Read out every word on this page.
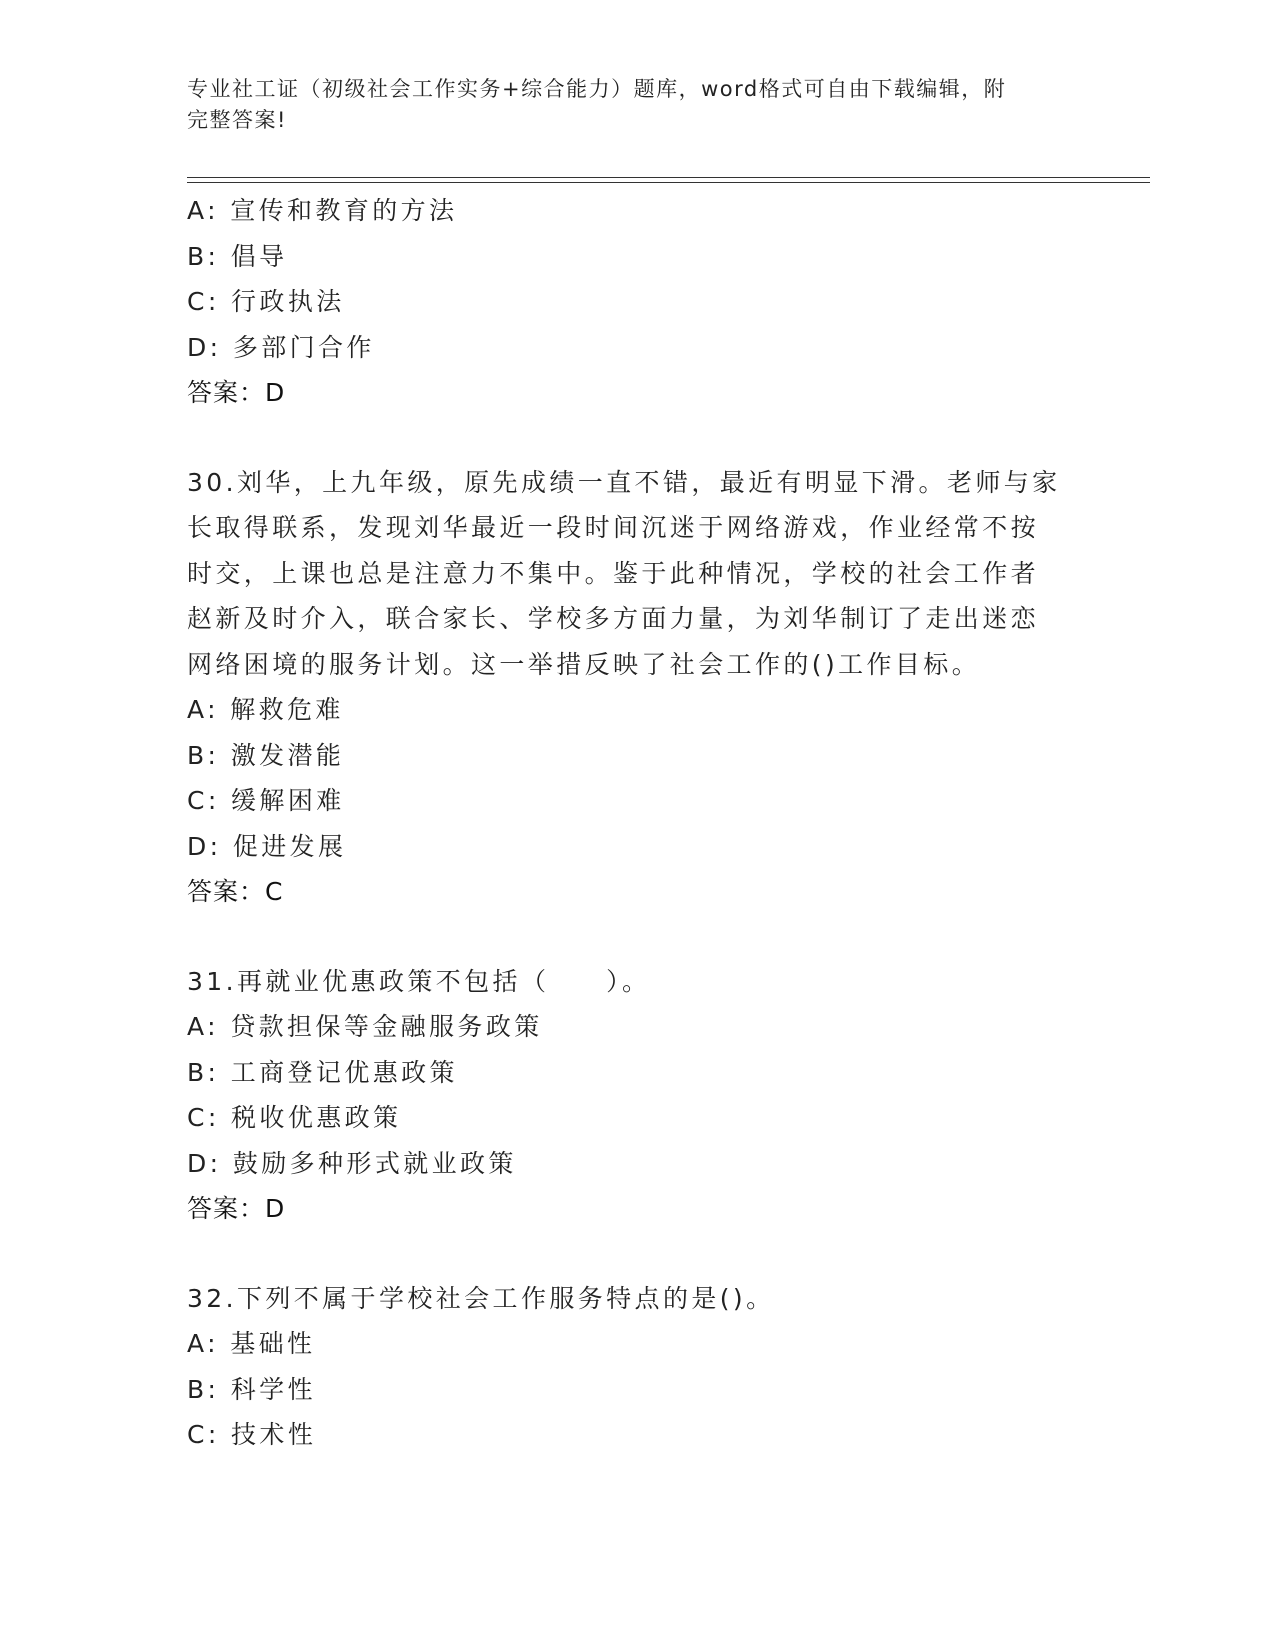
专业社工证（初级社会工作实务+综合能力）题库，word格式可自由下载编辑，附
完整答案!
A: 宣传和教育的方法
B: 倡导
C: 行政执法
D: 多部门合作
答案：D
30.刘华，上九年级，原先成绩一直不错，最近有明显下滑。老师与家
长取得联系，发现刘华最近一段时间沉迷于网络游戏，作业经常不按
时交，上课也总是注意力不集中。鉴于此种情况，学校的社会工作者
赵新及时介入，联合家长、学校多方面力量，为刘华制订了走出迷恋
网络困境的服务计划。这一举措反映了社会工作的()工作目标。
A: 解救危难
B: 激发潜能
C: 缓解困难
D: 促进发展
答案：C
31.再就业优惠政策不包括（　　）。
A: 贷款担保等金融服务政策
B: 工商登记优惠政策
C: 税收优惠政策
D: 鼓励多种形式就业政策
答案：D
32.下列不属于学校社会工作服务特点的是()。
A: 基础性
B: 科学性
C: 技术性
